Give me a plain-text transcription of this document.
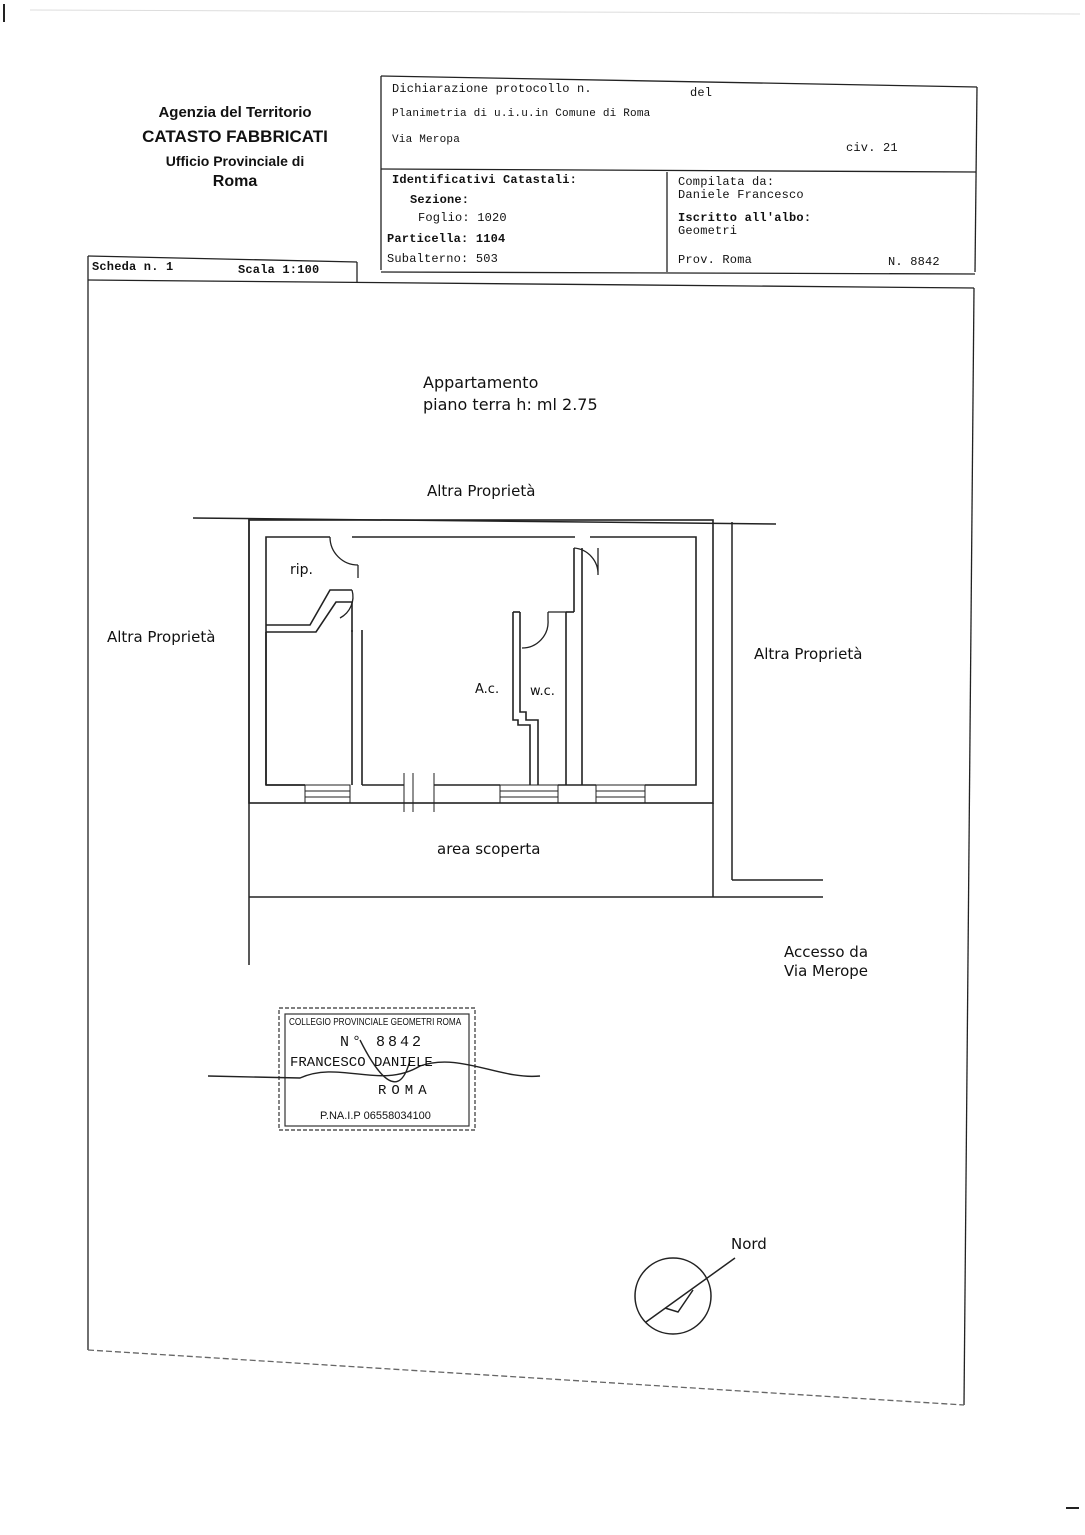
Agenzia del Territorio
CATASTO FABBRICATI
Ufficio Provinciale di
Roma
Dichiarazione protocollo n.	del
Planimetria di u.i.u.in Comune di Roma
Via Meropa
civ. 21
Identificativi Catastali:
Sezione:
Foglio: 1020
Particella: 1104
Subalterno: 503
Compilata da:
Daniele Francesco
Iscritto all'albo:
Geometri
Prov. Roma	N. 8842
Scheda n. 1	Scala 1:100
Appartamento
piano terra h: ml 2.75
Altra Proprietà
Altra Proprietà
Altra Proprietà
rip.
A.c. w.c.
area scoperta
Accesso da
Via Merope
COLLEGIO PROVINCIALE GEOMETRI ROMA
N° 8842
FRANCESCO DANIELE
ROMA
P.NA.I.P 06558034100
Nord
